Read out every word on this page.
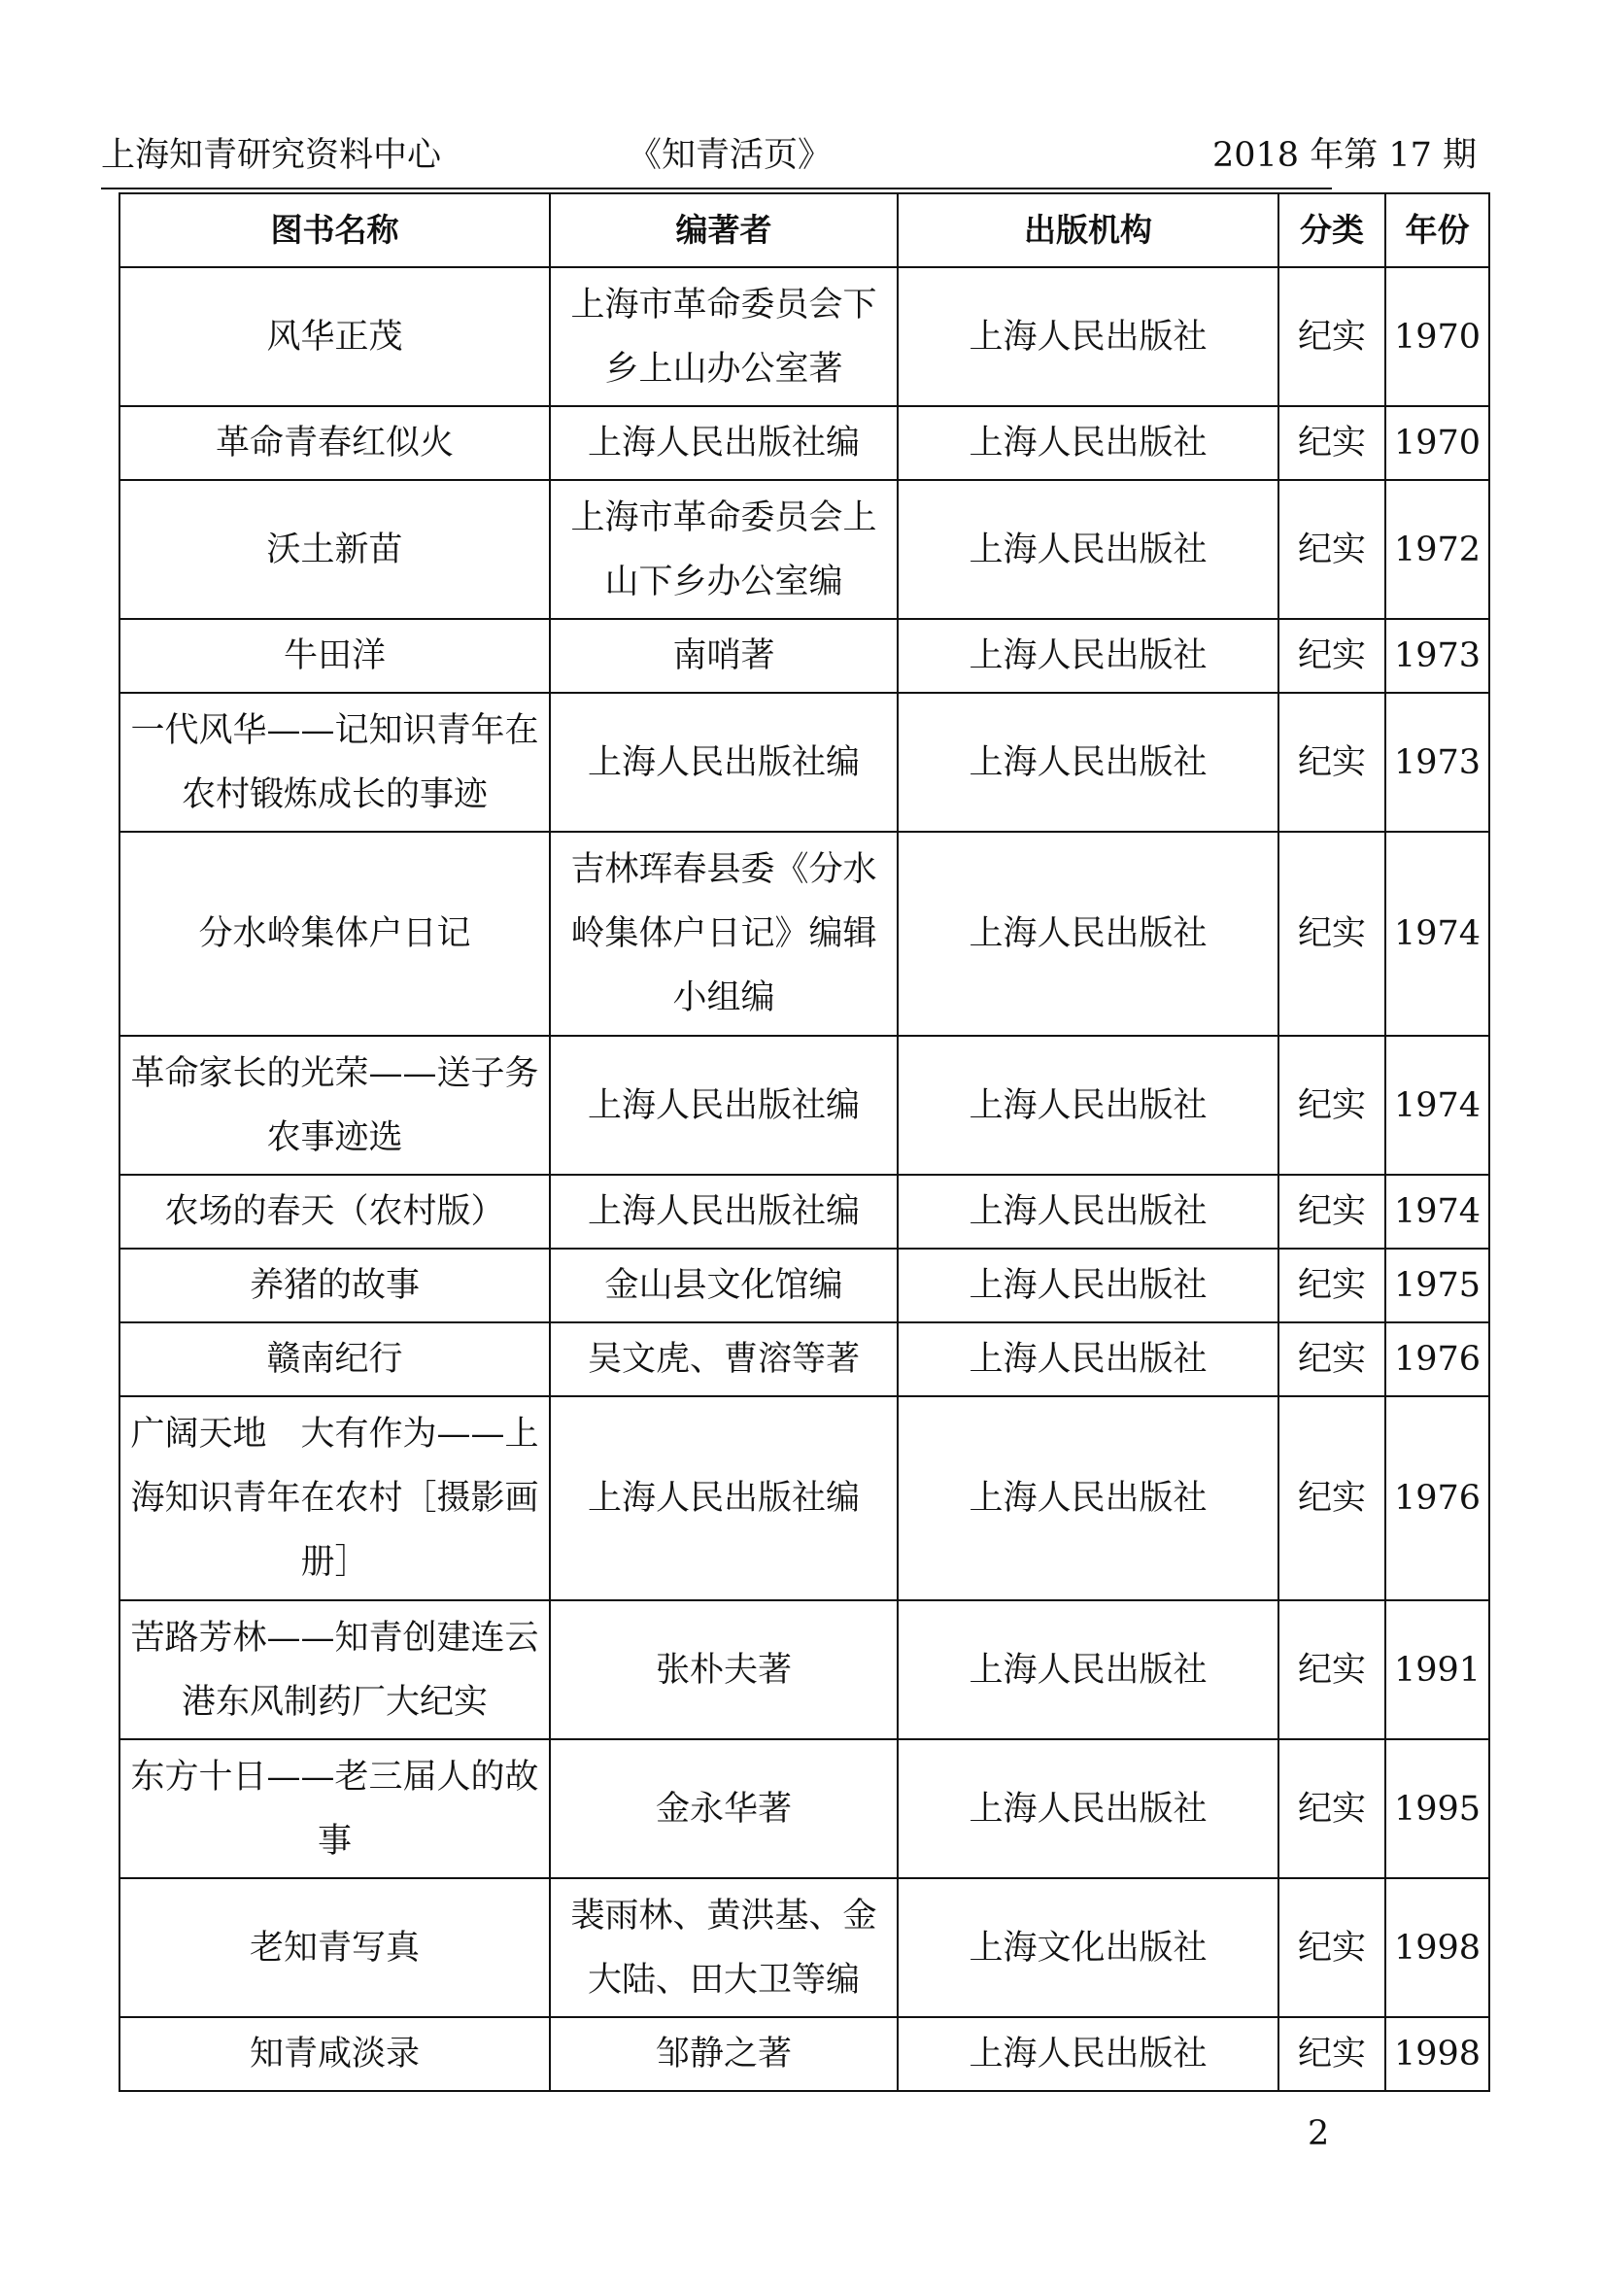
上海知青研究资料中心	《知青活页》	2018 年第 17 期
图书名称	编著者	出版机构	分类	年份
风华正茂	上海市革命委员会下乡上山办公室著	上海人民出版社	纪实	1970
革命青春红似火	上海人民出版社编	上海人民出版社	纪实	1970
沃土新苗	上海市革命委员会上山下乡办公室编	上海人民出版社	纪实	1972
牛田洋	南哨著	上海人民出版社	纪实	1973
一代风华——记知识青年在农村锻炼成长的事迹	上海人民出版社编	上海人民出版社	纪实	1973
分水岭集体户日记	吉林珲春县委《分水岭集体户日记》编辑小组编	上海人民出版社	纪实	1974
革命家长的光荣——送子务农事迹选	上海人民出版社编	上海人民出版社	纪实	1974
农场的春天（农村版）	上海人民出版社编	上海人民出版社	纪实	1974
养猪的故事	金山县文化馆编	上海人民出版社	纪实	1975
赣南纪行	吴文虎、曹溶等著	上海人民出版社	纪实	1976
广阔天地　大有作为——上海知识青年在农村［摄影画册］	上海人民出版社编	上海人民出版社	纪实	1976
苦路芳林——知青创建连云港东风制药厂大纪实	张朴夫著	上海人民出版社	纪实	1991
东方十日——老三届人的故事	金永华著	上海人民出版社	纪实	1995
老知青写真	裴雨林、黄洪基、金大陆、田大卫等编	上海文化出版社	纪实	1998
知青咸淡录	邹静之著	上海人民出版社	纪实	1998
2
